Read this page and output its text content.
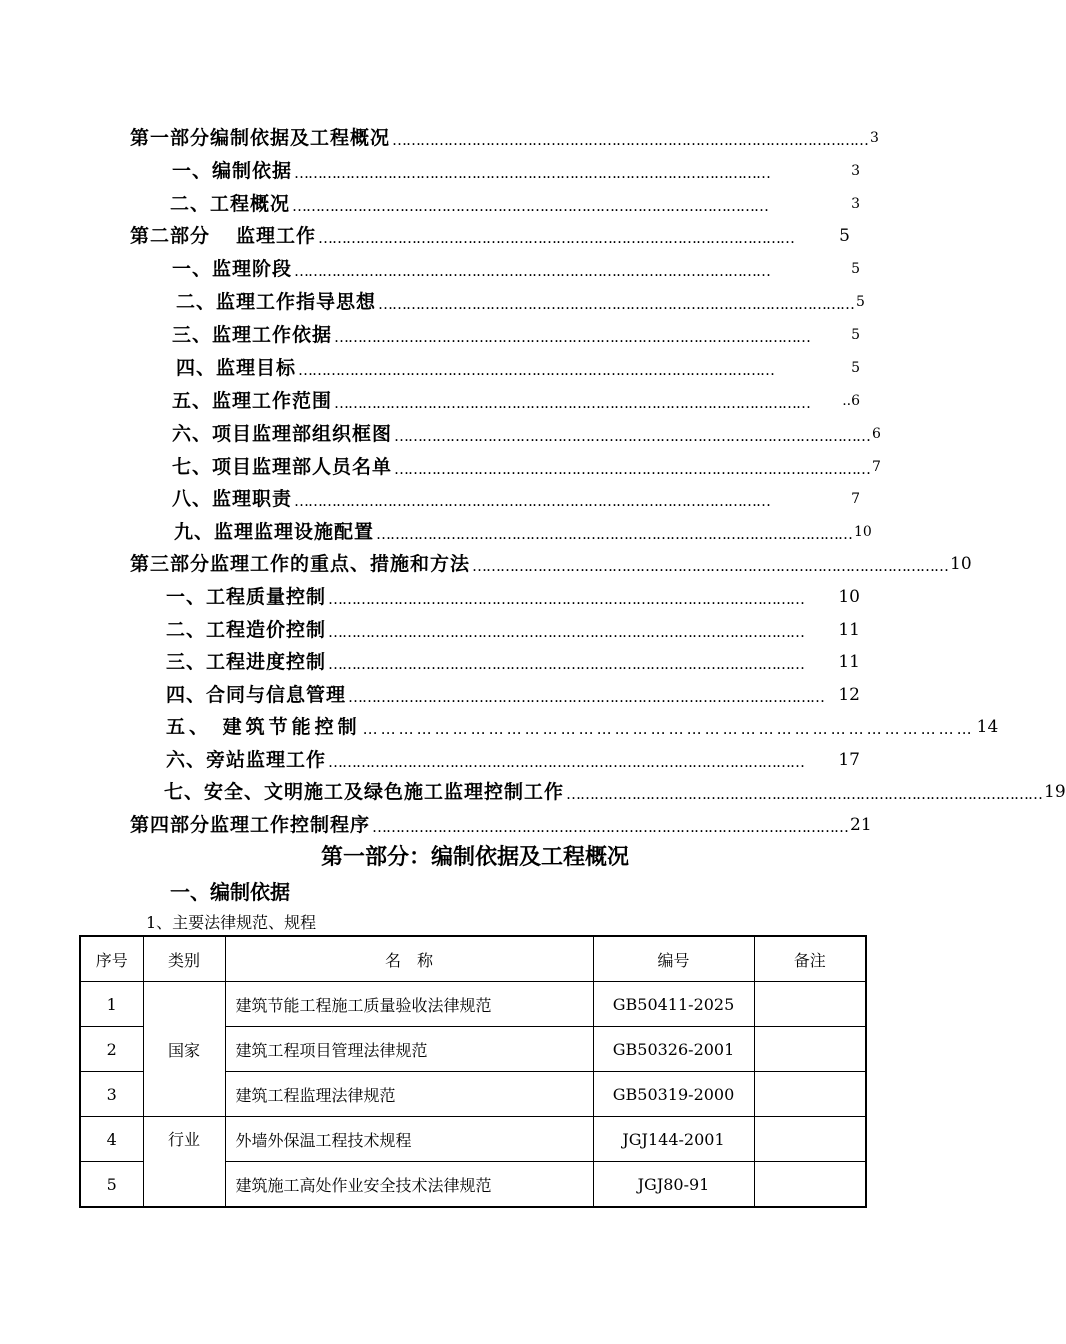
第一部分 编制依据及工程概况 ………………………………………………………………………………………… 3
一、编制依据 …………………………………………………………………………………………	3
二、工程概况 …………………………………………………………………………………………	3
第二部分 监理工作 …………………………………………………………………………………………	5
一、监理阶段 …………………………………………………………………………………………	5
二、监理工作指导思想 ………………………………………………………………………………………… 5
三、监理工作依据 …………………………………………………………………………………………	5
四、监理目标 …………………………………………………………………………………………	5
五、监理工作范围 …………………………………………………………………………………………	..6
六、项目监理部组织框图 ………………………………………………………………………………………… 6
七、项目监理部人员名单 ………………………………………………………………………………………… 7
八、监理职责 …………………………………………………………………………………………	7
九、监理监理设施配置 ………………………………………………………………………………………… 10
第三部分 监理工作的重点、措施和方法 ………………………………………………………………………………………… 10
一、工程质量控制 …………………………………………………………………………………………	10
二、工程造价控制 …………………………………………………………………………………………	11
三、工程进度控制 …………………………………………………………………………………………	11
四、合同与信息管理 ………………………………………………………………………………………… 12
五、 建筑节能控制 ………………………………………………………………………………………… 14
六、旁站监理工作 …………………………………………………………………………………………	17
七、安全、文明施工及绿色施工监理控制工作 ………………………………………………………………………………………… 19
第四部分 监理工作控制程序 ………………………………………………………………………………………… 21
第一部分：编制依据及工程概况
一、编制依据
1、主要法律规范、规程
序号	类别	名　称	编号	备注
1	国家	建筑节能工程施工质量验收法律规范	GB50411-2025	
2		建筑工程项目管理法律规范	GB50326-2001	
3		建筑工程监理法律规范	GB50319-2000	
4	行业	外墙外保温工程技术规程	JGJ144-2001	
5		建筑施工高处作业安全技术法律规范	JGJ80-91	
